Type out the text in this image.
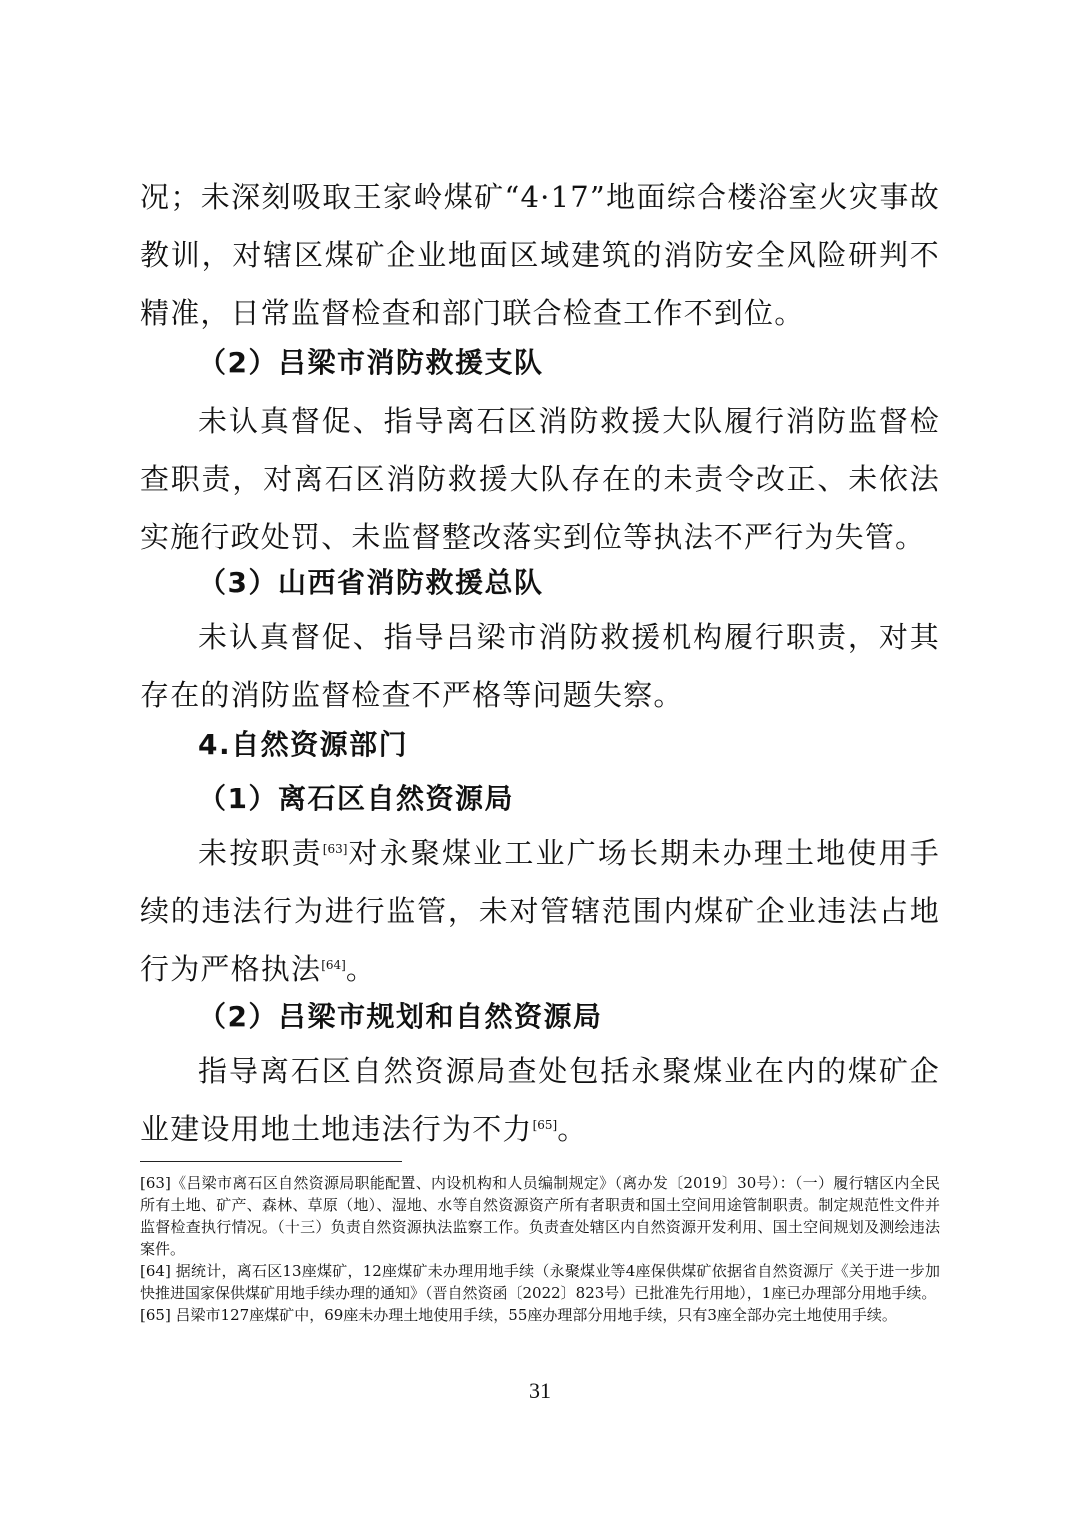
况；未深刻吸取王家岭煤矿“4·17”地面综合楼浴室火灾事故教训，对辖区煤矿企业地面区域建筑的消防安全风险研判不精准，日常监督检查和部门联合检查工作不到位。

（2）吕梁市消防救援支队

未认真督促、指导离石区消防救援大队履行消防监督检查职责，对离石区消防救援大队存在的未责令改正、未依法实施行政处罚、未监督整改落实到位等执法不严行为失管。

（3）山西省消防救援总队

未认真督促、指导吕梁市消防救援机构履行职责，对其存在的消防监督检查不严格等问题失察。

4.自然资源部门

（1）离石区自然资源局

未按职责[63]对永聚煤业工业广场长期未办理土地使用手续的违法行为进行监管，未对管辖范围内煤矿企业违法占地行为严格执法[64]。

（2）吕梁市规划和自然资源局

指导离石区自然资源局查处包括永聚煤业在内的煤矿企业建设用地土地违法行为不力[65]。

[63]《吕梁市离石区自然资源局职能配置、内设机构和人员编制规定》（离办发〔2019〕30号）：（一）履行辖区内全民所有土地、矿产、森林、草原（地）、湿地、水等自然资源资产所有者职责和国土空间用途管制职责。制定规范性文件并监督检查执行情况。（十三）负责自然资源执法监察工作。负责查处辖区内自然资源开发利用、国土空间规划及测绘违法案件。

[64] 据统计，离石区13座煤矿，12座煤矿未办理用地手续（永聚煤业等4座保供煤矿依据省自然资源厅《关于进一步加快推进国家保供煤矿用地手续办理的通知》（晋自然资函〔2022〕823号）已批准先行用地），1座已办理部分用地手续。

[65] 吕梁市127座煤矿中，69座未办理土地使用手续，55座办理部分用地手续，只有3座全部办完土地使用手续。

31
